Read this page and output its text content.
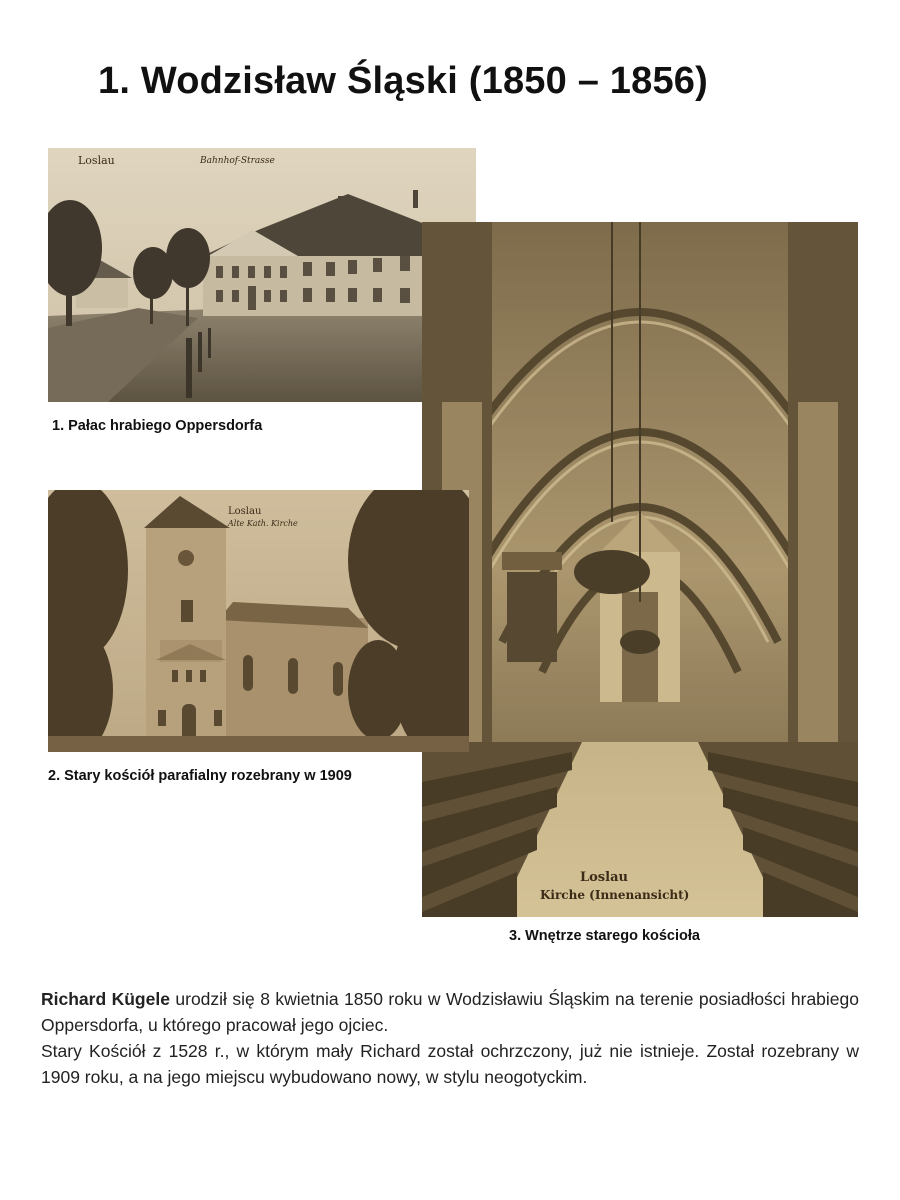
1. Wodzisław Śląski (1850 – 1856)
Loslau	Bahnhof-Strasse
1. Pałac hrabiego Oppersdorfa
Loslau
Kirche (Innenansicht)
Loslau
Alte Kath. Kirche
2. Stary kościół parafialny rozebrany w 1909
3. Wnętrze starego kościoła

Richard Kügele urodził się 8 kwietnia 1850 roku w Wodzisławiu Śląskim na terenie posiadłości hrabiego Oppersdorfa, u którego pracował jego ojciec.

Stary Kościół z 1528 r., w którym mały Richard został ochrzczony, już nie istnieje. Został rozebrany w 1909 roku, a na jego miejscu wybudowano nowy, w stylu neogotyckim.
